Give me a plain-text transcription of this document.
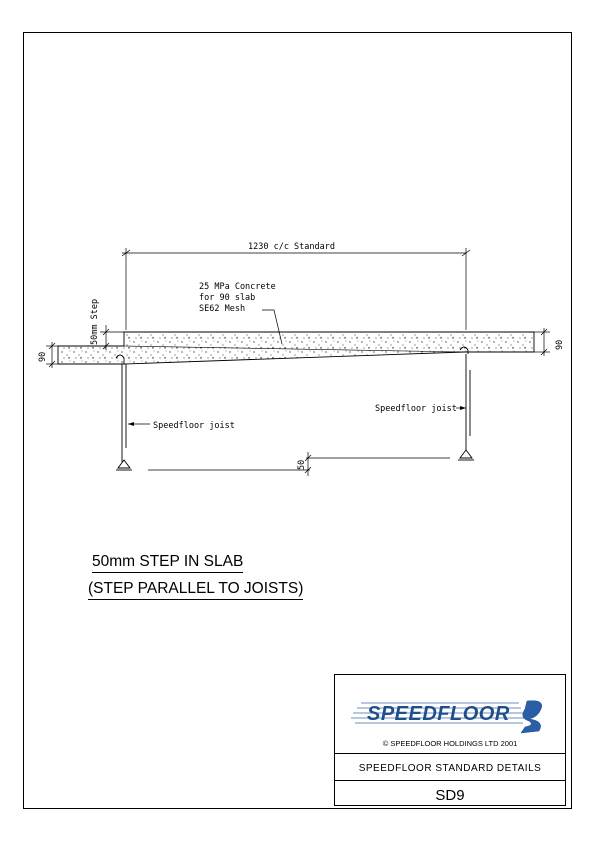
1230 c/c Standard
50mm Step
90
90
50
25 MPa Concrete
for 90 slab
SE62 Mesh
Speedfloor joist
Speedfloor joist
50mm STEP IN SLAB
(STEP PARALLEL TO JOISTS)
SPEEDFLOOR
© SPEEDFLOOR HOLDINGS LTD 2001
SPEEDFLOOR STANDARD DETAILS
SD9
